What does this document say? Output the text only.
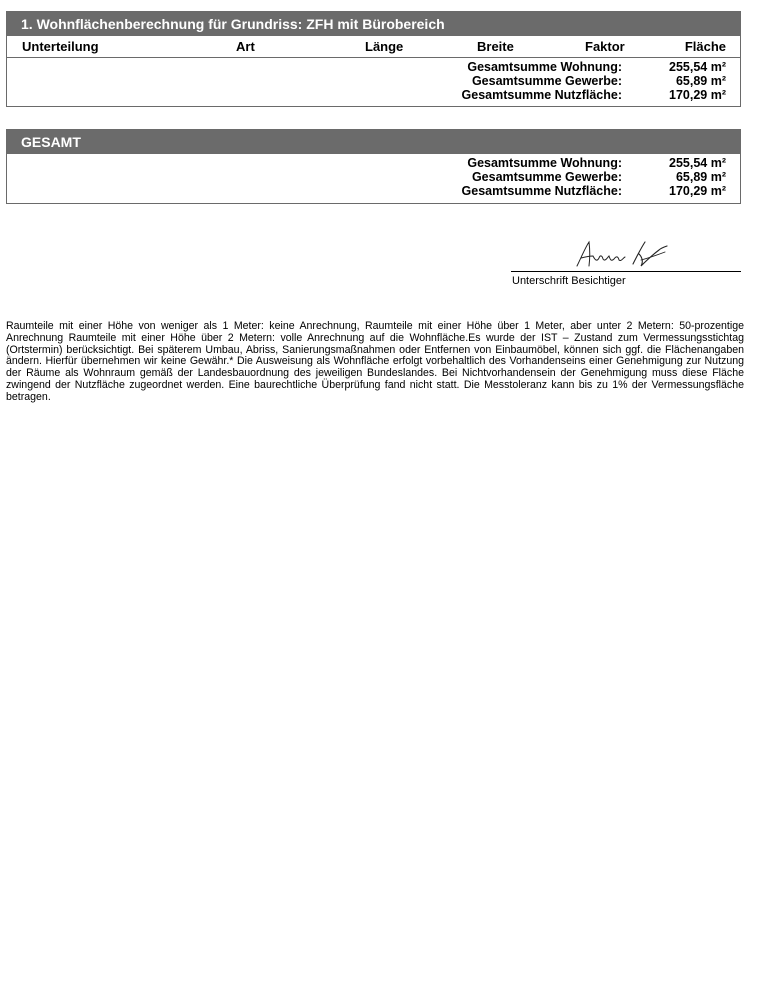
1. Wohnflächenberechnung für Grundriss: ZFH mit Bürobereich
Unterteilung	Art	Länge	Breite	Faktor	Fläche
Gesamtsumme Wohnung:	255,54 m²
Gesamtsumme Gewerbe:	65,89 m²
Gesamtsumme Nutzfläche:	170,29 m²
GESAMT
Gesamtsumme Wohnung:	255,54 m²
Gesamtsumme Gewerbe:	65,89 m²
Gesamtsumme Nutzfläche:	170,29 m²
Unterschrift Besichtiger
Raumteile mit einer Höhe von weniger als 1 Meter: keine Anrechnung, Raumteile mit einer Höhe über 1 Meter, aber unter 2 Metern: 50-prozentige Anrechnung Raumteile mit einer Höhe über 2 Metern: volle Anrechnung auf die Wohnfläche.Es wurde der IST – Zustand zum Vermessungsstichtag (Ortstermin) berücksichtigt. Bei späterem Umbau, Abriss, Sanierungsmaßnahmen oder Entfernen von Einbaumöbel, können sich ggf. die Flächenangaben ändern. Hierfür übernehmen wir keine Gewähr.* Die Ausweisung als Wohnfläche erfolgt vorbehaltlich des Vorhandenseins einer Genehmigung zur Nutzung der Räume als Wohnraum gemäß der Landesbauordnung des jeweiligen Bundeslandes. Bei Nichtvorhandensein der Genehmigung muss diese Fläche zwingend der Nutzfläche zugeordnet werden. Eine baurechtliche Überprüfung fand nicht statt. Die Messtoleranz kann bis zu 1% der Vermessungsfläche betragen.
